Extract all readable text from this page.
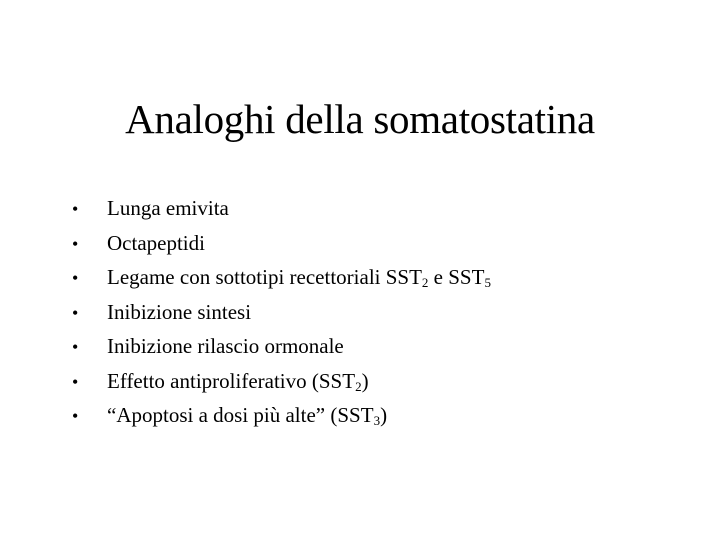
Analoghi della somatostatina
•	Lunga emivita
•	Octapeptidi
•	Legame con sottotipi recettoriali $SST_2$ e $SST_5$
•	Inibizione sintesi
•	Inibizione rilascio ormonale
•	Effetto antiproliferativo $(SST_2)$
•	“Apoptosi a dosi più alte” $(SST_3)$
